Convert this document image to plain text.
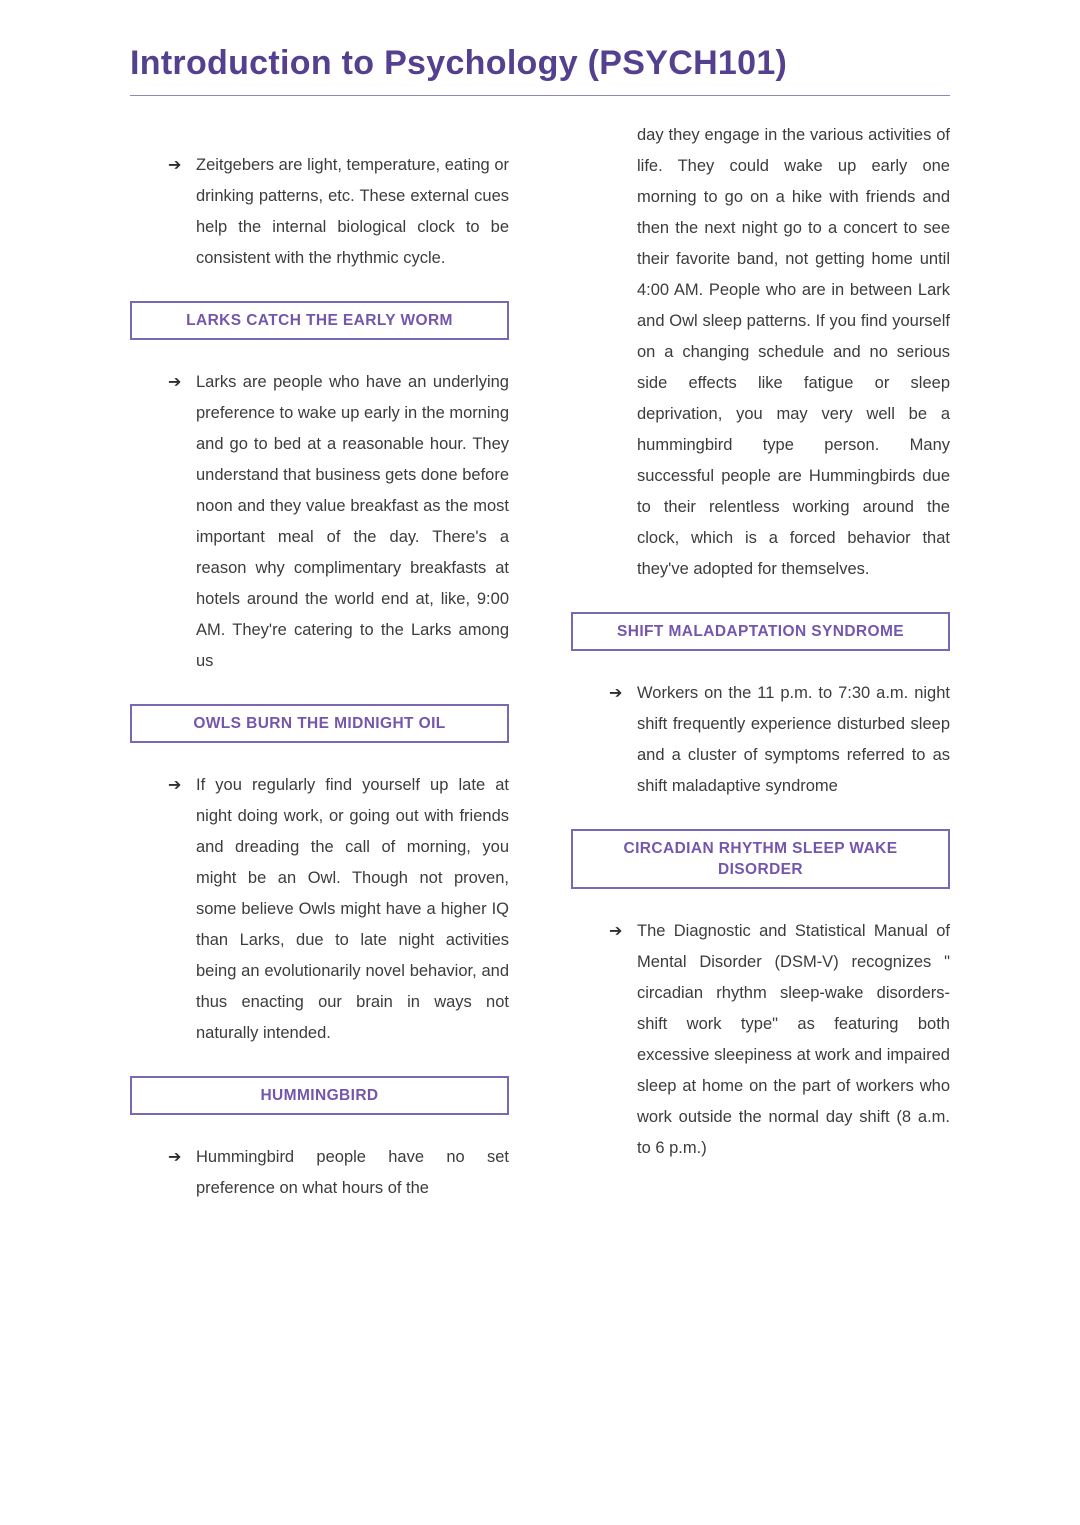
Introduction to Psychology (PSYCH101)
➔ Zeitgebers are light, temperature, eating or drinking patterns, etc. These external cues help the internal biological clock to be consistent with the rhythmic cycle.
LARKS CATCH THE EARLY WORM
➔ Larks are people who have an underlying preference to wake up early in the morning and go to bed at a reasonable hour. They understand that business gets done before noon and they value breakfast as the most important meal of the day. There's a reason why complimentary breakfasts at hotels around the world end at, like, 9:00 AM. They're catering to the Larks among us
OWLS BURN THE MIDNIGHT OIL
➔ If you regularly find yourself up late at night doing work, or going out with friends and dreading the call of morning, you might be an Owl. Though not proven, some believe Owls might have a higher IQ than Larks, due to late night activities being an evolutionarily novel behavior, and thus enacting our brain in ways not naturally intended.
HUMMINGBIRD
➔ Hummingbird people have no set preference on what hours of the
day they engage in the various activities of life. They could wake up early one morning to go on a hike with friends and then the next night go to a concert to see their favorite band, not getting home until 4:00 AM. People who are in between Lark and Owl sleep patterns. If you find yourself on a changing schedule and no serious side effects like fatigue or sleep deprivation, you may very well be a hummingbird type person. Many successful people are Hummingbirds due to their relentless working around the clock, which is a forced behavior that they've adopted for themselves.
SHIFT MALADAPTATION SYNDROME
➔ Workers on the 11 p.m. to 7:30 a.m. night shift frequently experience disturbed sleep and a cluster of symptoms referred to as shift maladaptive syndrome
CIRCADIAN RHYTHM SLEEP WAKE DISORDER
➔ The Diagnostic and Statistical Manual of Mental Disorder (DSM-V) recognizes " circadian rhythm sleep-wake disorders-shift work type" as featuring both excessive sleepiness at work and impaired sleep at home on the part of workers who work outside the normal day shift (8 a.m. to 6 p.m.)
